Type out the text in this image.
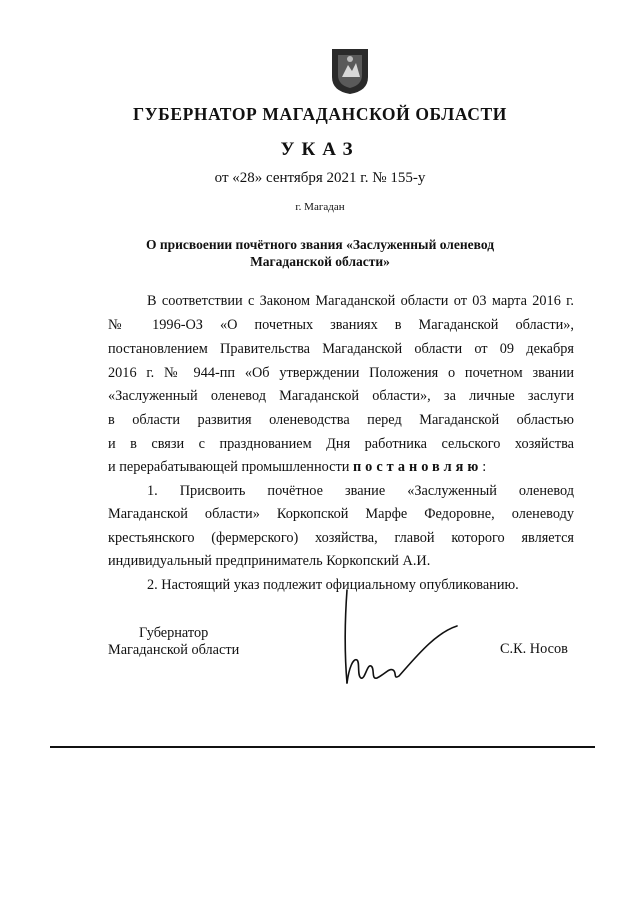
ГУБЕРНАТОР МАГАДАНСКОЙ ОБЛАСТИ
УКАЗ
от «28» сентября 2021 г. № 155-у
г. Магадан
О присвоении почётного звания «Заслуженный оленевод
Магаданской области»
В соответствии с Законом Магаданской области от 03 марта 2016 г.
№ 1996-ОЗ «О почетных званиях в Магаданской области»,
постановлением Правительства Магаданской области от 09 декабря
2016 г. № 944-пп «Об утверждении Положения о почетном звании
«Заслуженный оленевод Магаданской области», за личные заслуги
в области развития оленеводства перед Магаданской областью
и в связи с празднованием Дня работника сельского хозяйства
и перерабатывающей промышленности постановляю:
1. Присвоить почётное звание «Заслуженный оленевод
Магаданской области» Коркопской Марфе Федоровне, оленеводу
крестьянского (фермерского) хозяйства, главой которого является
индивидуальный предприниматель Коркопский А.И.
2. Настоящий указ подлежит официальному опубликованию.
Губернатор
Магаданской области	С.К. Носов
